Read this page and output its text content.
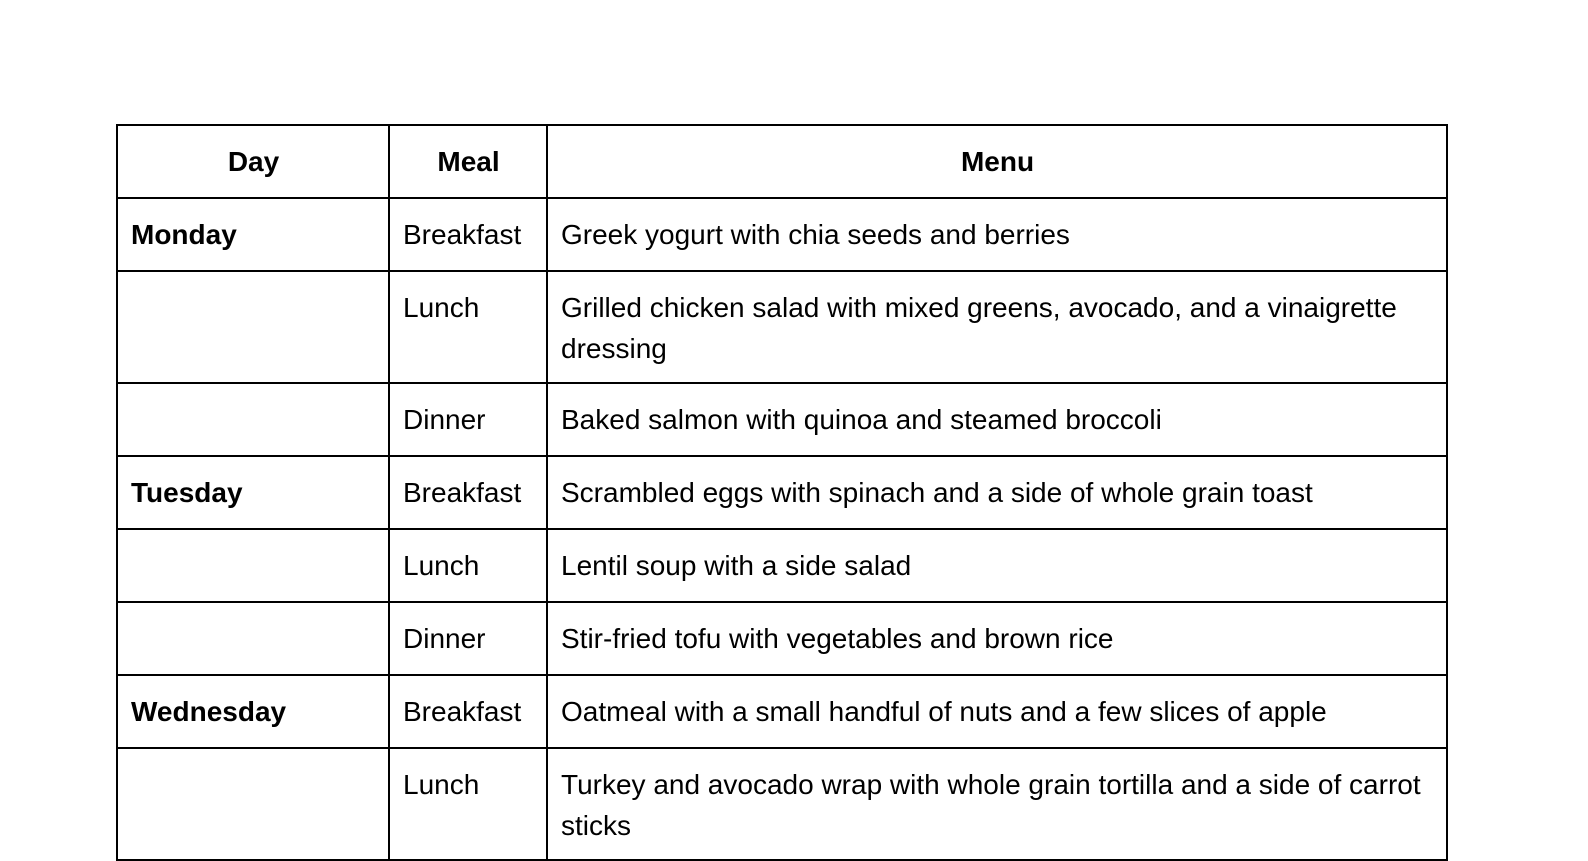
Day	Meal	Menu
Monday	Breakfast	Greek yogurt with chia seeds and berries
	Lunch	Grilled chicken salad with mixed greens, avocado, and a vinaigrette dressing
	Dinner	Baked salmon with quinoa and steamed broccoli
Tuesday	Breakfast	Scrambled eggs with spinach and a side of whole grain toast
	Lunch	Lentil soup with a side salad
	Dinner	Stir-fried tofu with vegetables and brown rice
Wednesday	Breakfast	Oatmeal with a small handful of nuts and a few slices of apple
	Lunch	Turkey and avocado wrap with whole grain tortilla and a side of carrot sticks
